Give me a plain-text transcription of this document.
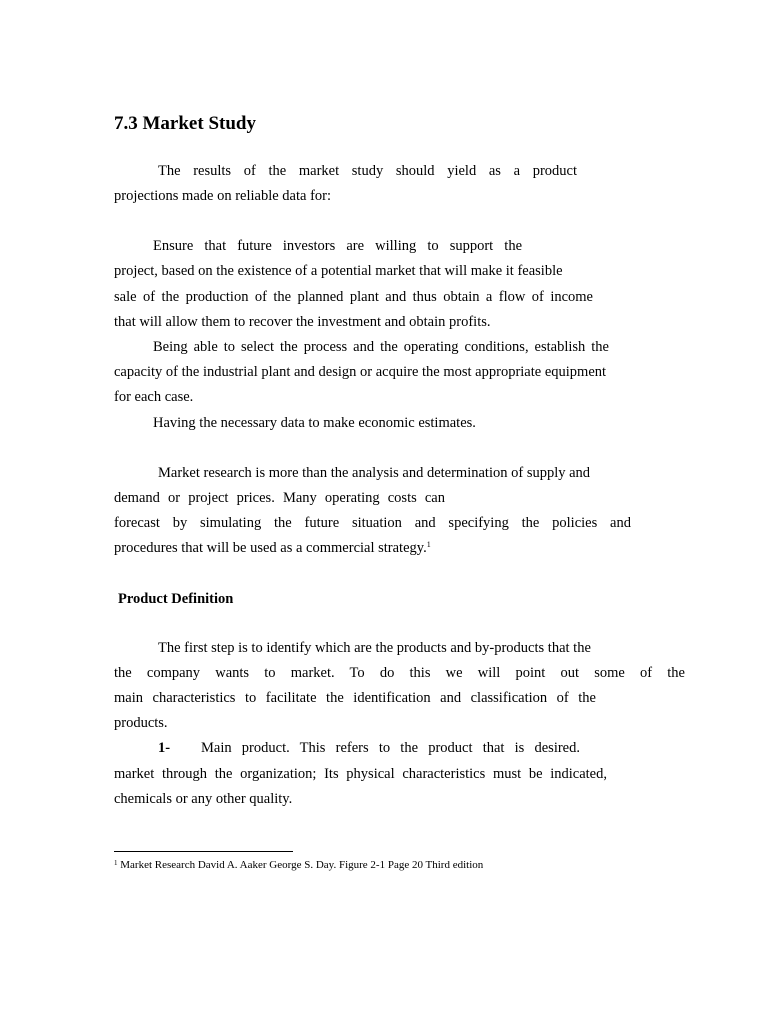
7.3 Market Study
The results of the market study should yield as a product
projections made on reliable data for:
Ensure that future investors are willing to support the
project, based on the existence of a potential market that will make it feasible
sale of the production of the planned plant and thus obtain a flow of income
that will allow them to recover the investment and obtain profits.
Being able to select the process and the operating conditions, establish the
capacity of the industrial plant and design or acquire the most appropriate equipment
for each case.
Having the necessary data to make economic estimates.
Market research is more than the analysis and determination of supply and
demand or project prices. Many operating costs can
forecast by simulating the future situation and specifying the policies and
procedures that will be used as a commercial strategy.$^1$
Product Definition
The first step is to identify which are the products and by-products that the
the company wants to market. To do this we will point out some of the
main characteristics to facilitate the identification and classification of the
products.
1- Main product. This refers to the product that is desired.
market through the organization; Its physical characteristics must be indicated,
chemicals or any other quality.
$^1$ Market Research David A. Aaker George S. Day. Figure 2-1 Page 20 Third edition
